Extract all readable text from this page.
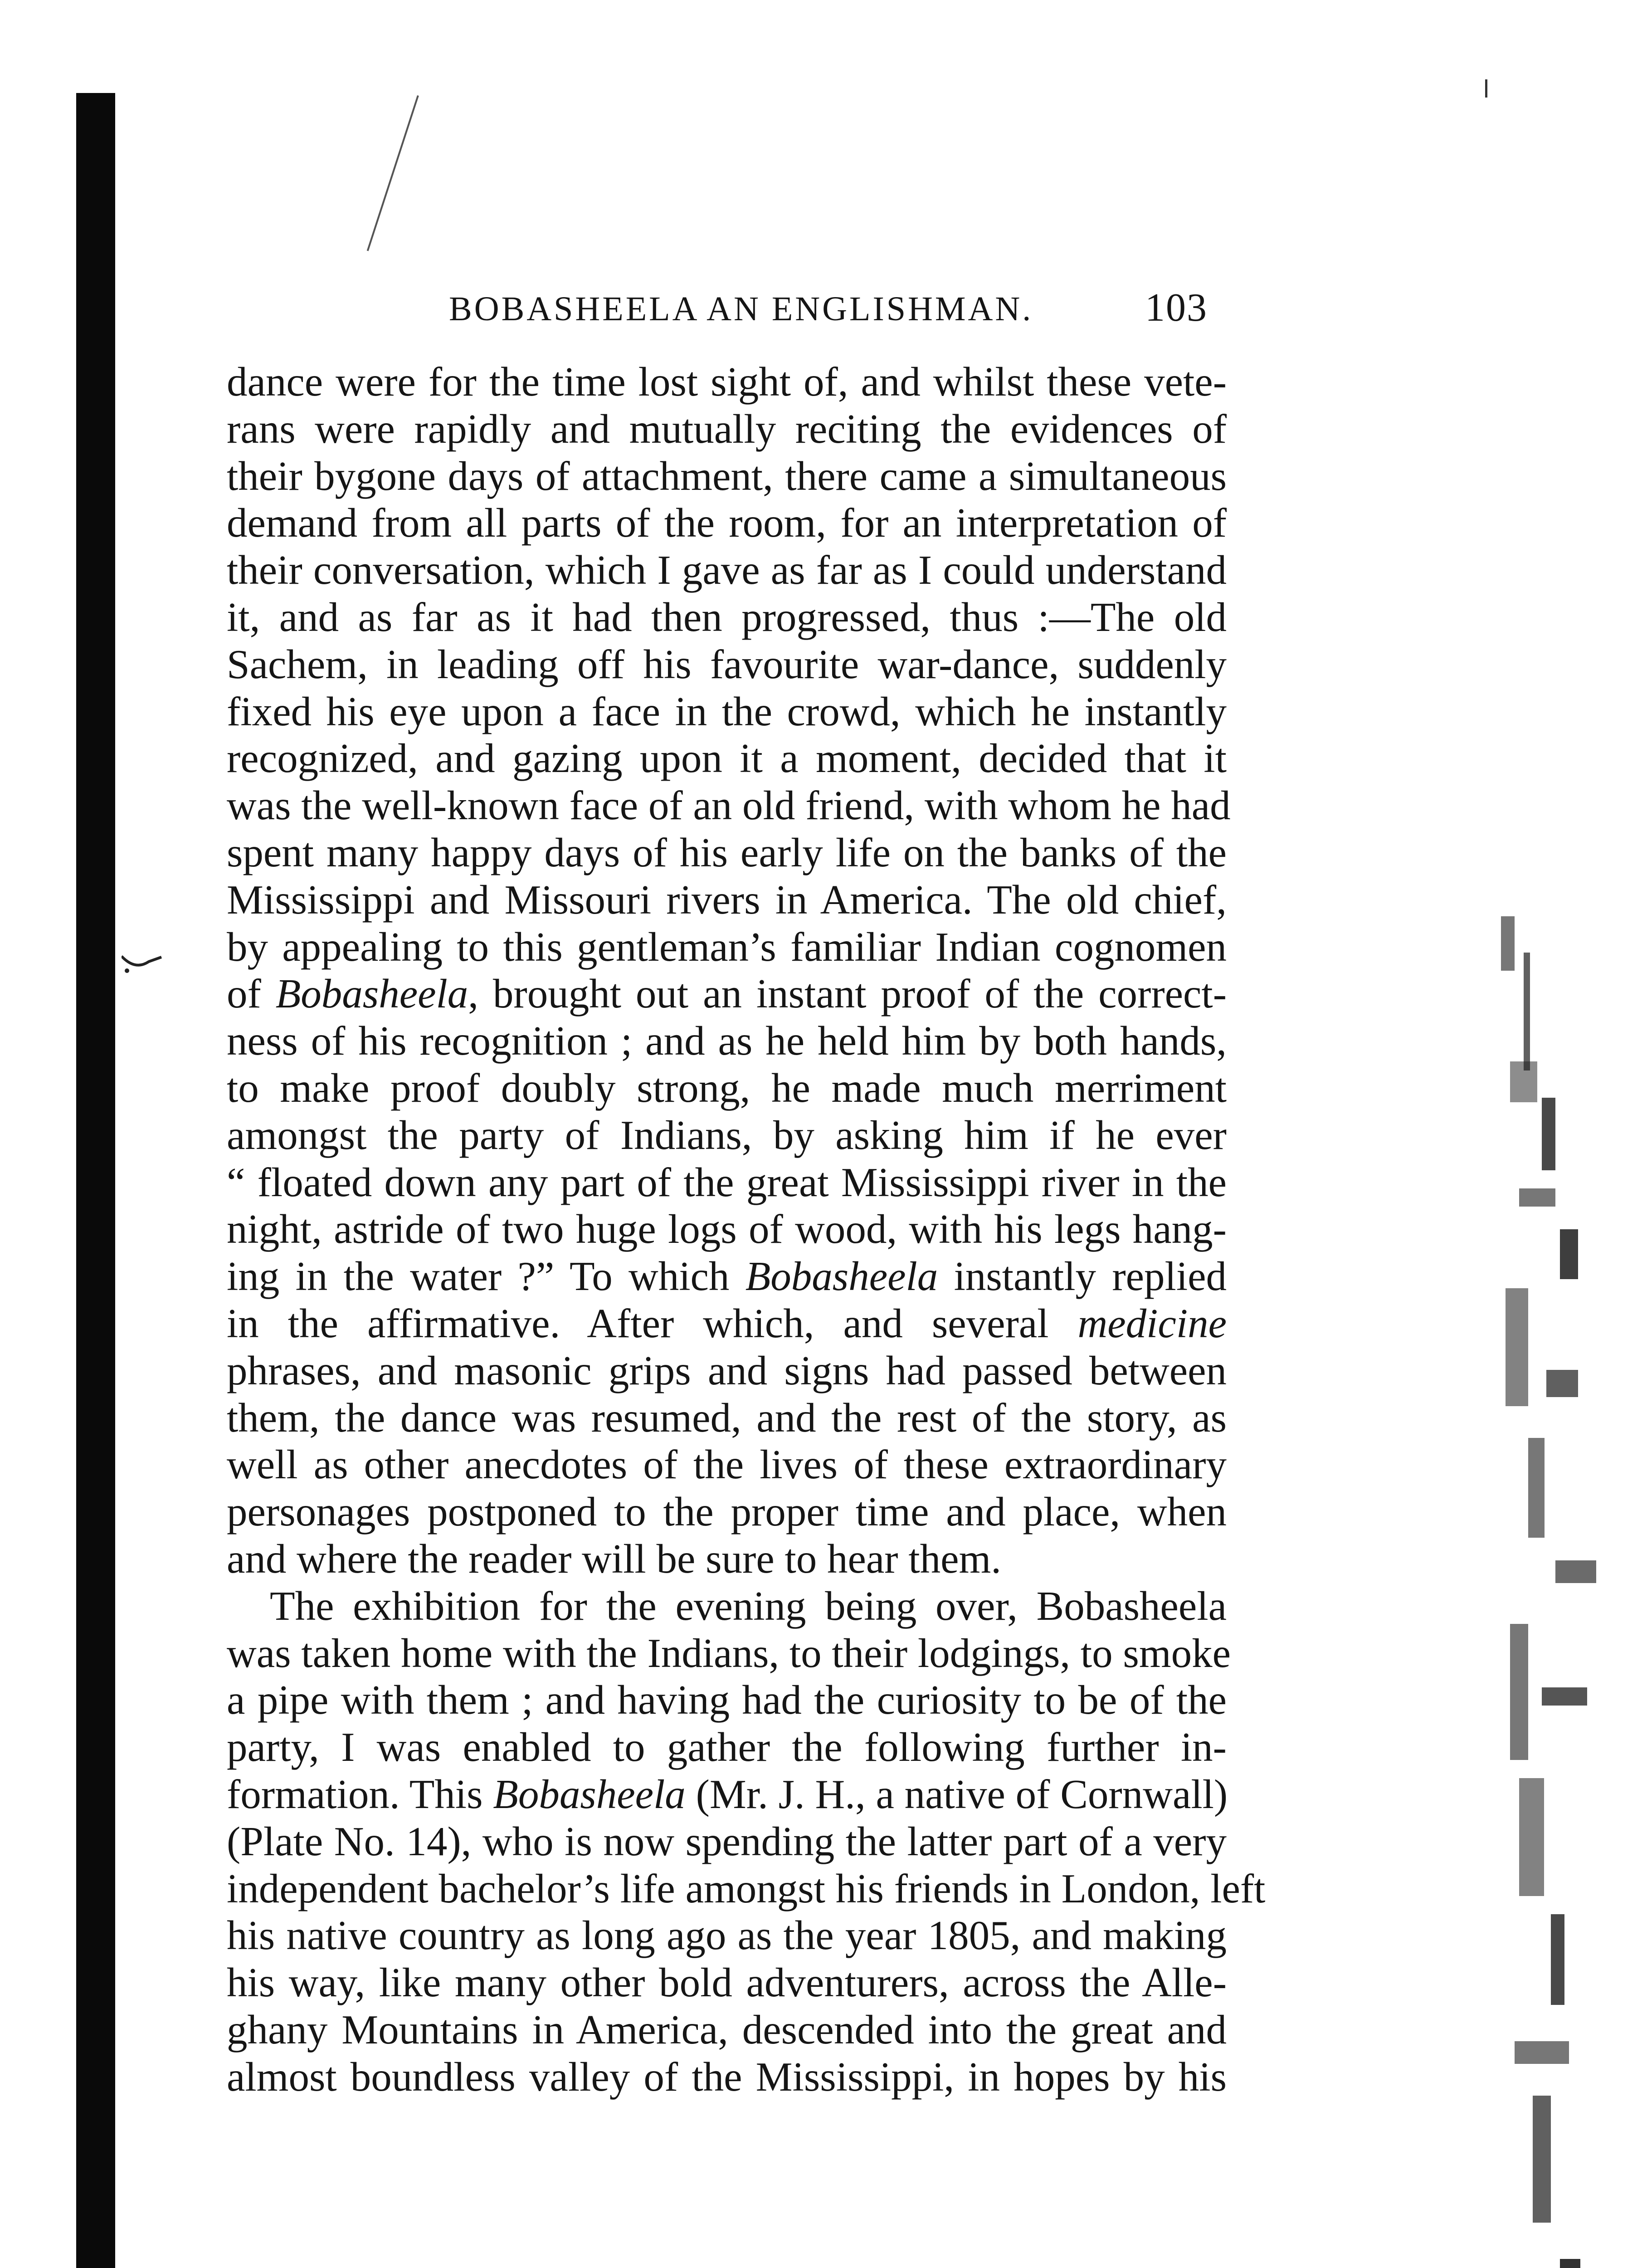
BOBASHEELA AN ENGLISHMAN.	103
dance were for the time lost sight of, and whilst these vete-
rans were rapidly and mutually reciting the evidences of
their bygone days of attachment, there came a simultaneous
demand from all parts of the room, for an interpretation of
their conversation, which I gave as far as I could understand
it, and as far as it had then progressed, thus :—The old
Sachem, in leading off his favourite war-dance, suddenly
fixed his eye upon a face in the crowd, which he instantly
recognized, and gazing upon it a moment, decided that it
was the well-known face of an old friend, with whom he had
spent many happy days of his early life on the banks of the
Mississippi and Missouri rivers in America. The old chief,
by appealing to this gentleman’s familiar Indian cognomen
of Bobasheela, brought out an instant proof of the correct-
ness of his recognition ; and as he held him by both hands,
to make proof doubly strong, he made much merriment
amongst the party of Indians, by asking him if he ever
“ floated down any part of the great Mississippi river in the
night, astride of two huge logs of wood, with his legs hang-
ing in the water ?” To which Bobasheela instantly replied
in the affirmative. After which, and several medicine
phrases, and masonic grips and signs had passed between
them, the dance was resumed, and the rest of the story, as
well as other anecdotes of the lives of these extraordinary
personages postponed to the proper time and place, when
and where the reader will be sure to hear them.
The exhibition for the evening being over, Bobasheela
was taken home with the Indians, to their lodgings, to smoke
a pipe with them ; and having had the curiosity to be of the
party, I was enabled to gather the following further in-
formation. This Bobasheela (Mr. J. H., a native of Cornwall)
(Plate No. 14), who is now spending the latter part of a very
independent bachelor’s life amongst his friends in London, left
his native country as long ago as the year 1805, and making
his way, like many other bold adventurers, across the Alle-
ghany Mountains in America, descended into the great and
almost boundless valley of the Mississippi, in hopes by his
